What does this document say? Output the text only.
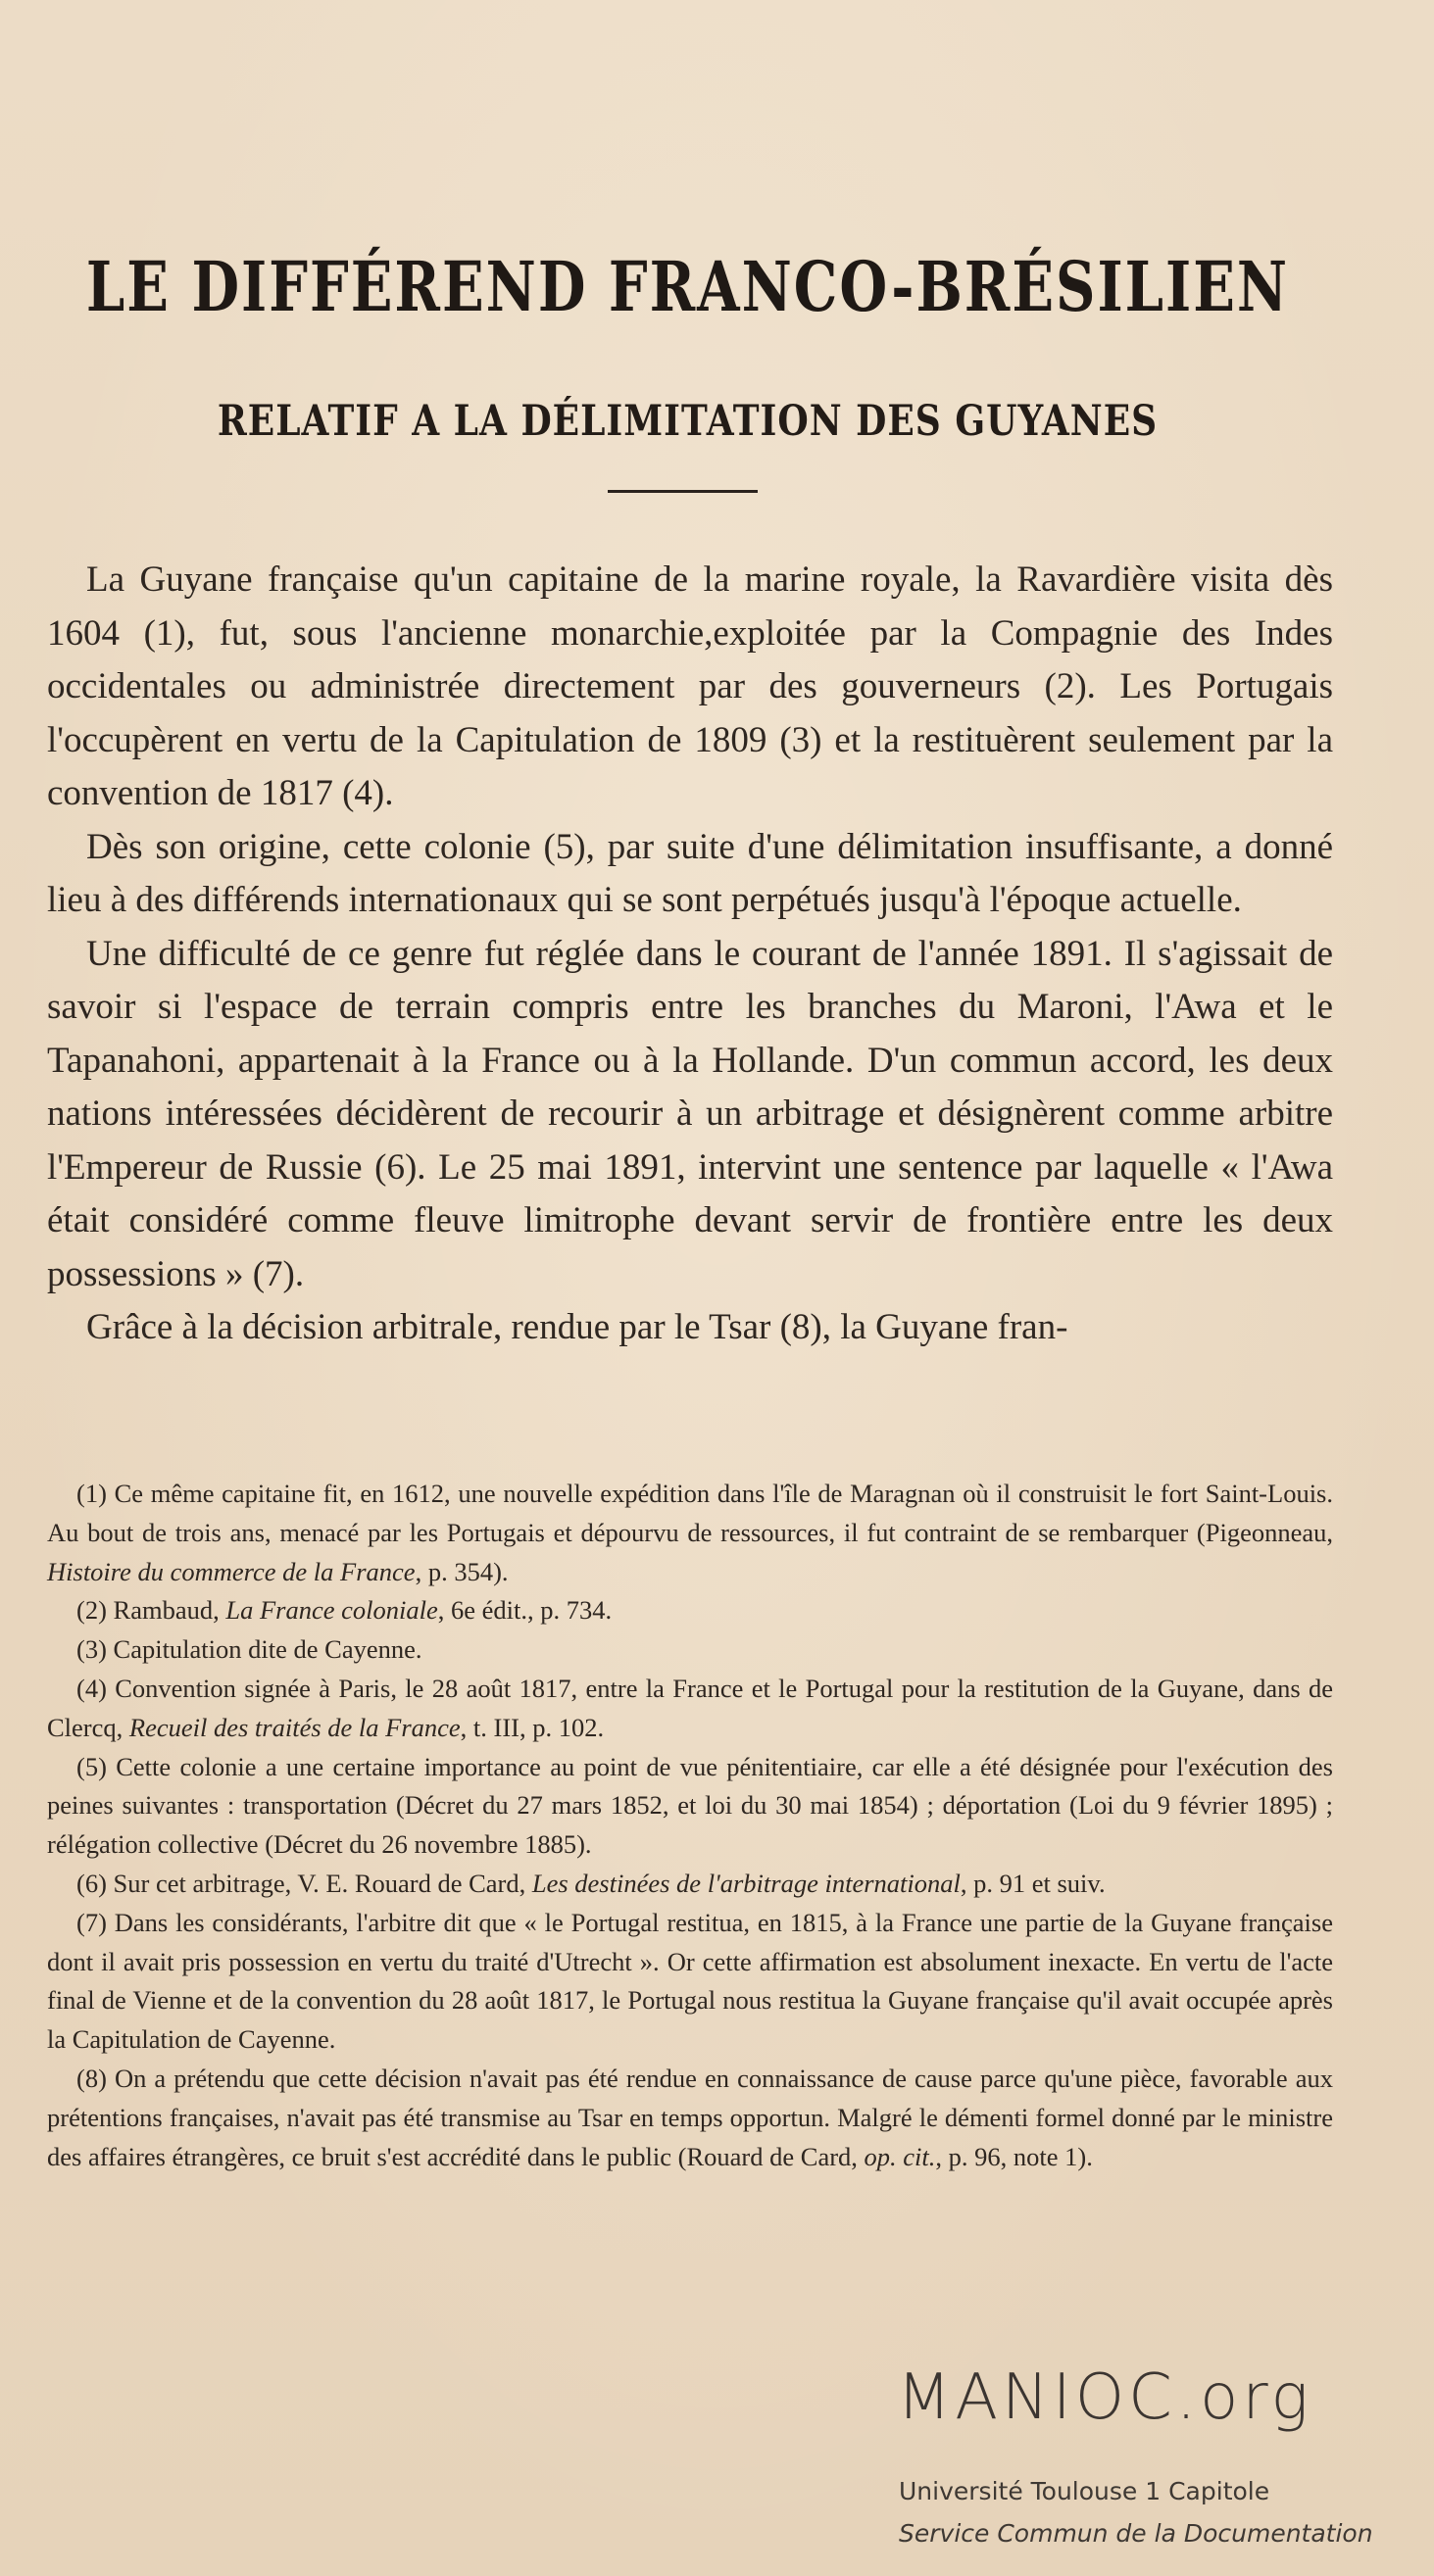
LE DIFFÉREND FRANCO-BRÉSILIEN
RELATIF A LA DÉLIMITATION DES GUYANES

La Guyane française qu'un capitaine de la marine royale, la Ravardière visita dès 1604 (1), fut, sous l'ancienne monarchie,exploitée par la Compagnie des Indes occidentales ou administrée directement par des gouverneurs (2). Les Portugais l'occupèrent en vertu de la Capitulation de 1809 (3) et la restituèrent seulement par la convention de 1817 (4).

Dès son origine, cette colonie (5), par suite d'une délimitation insuffisante, a donné lieu à des différends internationaux qui se sont perpétués jusqu'à l'époque actuelle.

Une difficulté de ce genre fut réglée dans le courant de l'année 1891. Il s'agissait de savoir si l'espace de terrain compris entre les branches du Maroni, l'Awa et le Tapanahoni, appartenait à la France ou à la Hollande. D'un commun accord, les deux nations intéressées décidèrent de recourir à un arbitrage et désignèrent comme arbitre l'Empereur de Russie (6). Le 25 mai 1891, intervint une sentence par laquelle « l'Awa était considéré comme fleuve limitrophe devant servir de frontière entre les deux possessions » (7).

Grâce à la décision arbitrale, rendue par le Tsar (8), la Guyane fran-

(1) Ce même capitaine fit, en 1612, une nouvelle expédition dans l'île de Maragnan où il construisit le fort Saint-Louis. Au bout de trois ans, menacé par les Portugais et dépourvu de ressources, il fut contraint de se rembarquer (Pigeonneau, Histoire du commerce de la France, p. 354).

(2) Rambaud, La France coloniale, 6e édit., p. 734.

(3) Capitulation dite de Cayenne.

(4) Convention signée à Paris, le 28 août 1817, entre la France et le Portugal pour la restitution de la Guyane, dans de Clercq, Recueil des traités de la France, t. III, p. 102.

(5) Cette colonie a une certaine importance au point de vue pénitentiaire, car elle a été désignée pour l'exécution des peines suivantes : transportation (Décret du 27 mars 1852, et loi du 30 mai 1854) ; déportation (Loi du 9 février 1895) ; rélégation collective (Décret du 26 novembre 1885).

(6) Sur cet arbitrage, V. E. Rouard de Card, Les destinées de l'arbitrage international, p. 91 et suiv.

(7) Dans les considérants, l'arbitre dit que « le Portugal restitua, en 1815, à la France une partie de la Guyane française dont il avait pris possession en vertu du traité d'Utrecht ». Or cette affirmation est absolument inexacte. En vertu de l'acte final de Vienne et de la convention du 28 août 1817, le Portugal nous restitua la Guyane française qu'il avait occupée après la Capitulation de Cayenne.

(8) On a prétendu que cette décision n'avait pas été rendue en connaissance de cause parce qu'une pièce, favorable aux prétentions françaises, n'avait pas été transmise au Tsar en temps opportun. Malgré le démenti formel donné par le ministre des affaires étrangères, ce bruit s'est accrédité dans le public (Rouard de Card, op. cit., p. 96, note 1).

MANIOC.org
Université Toulouse 1 Capitole
Service Commun de la Documentation
